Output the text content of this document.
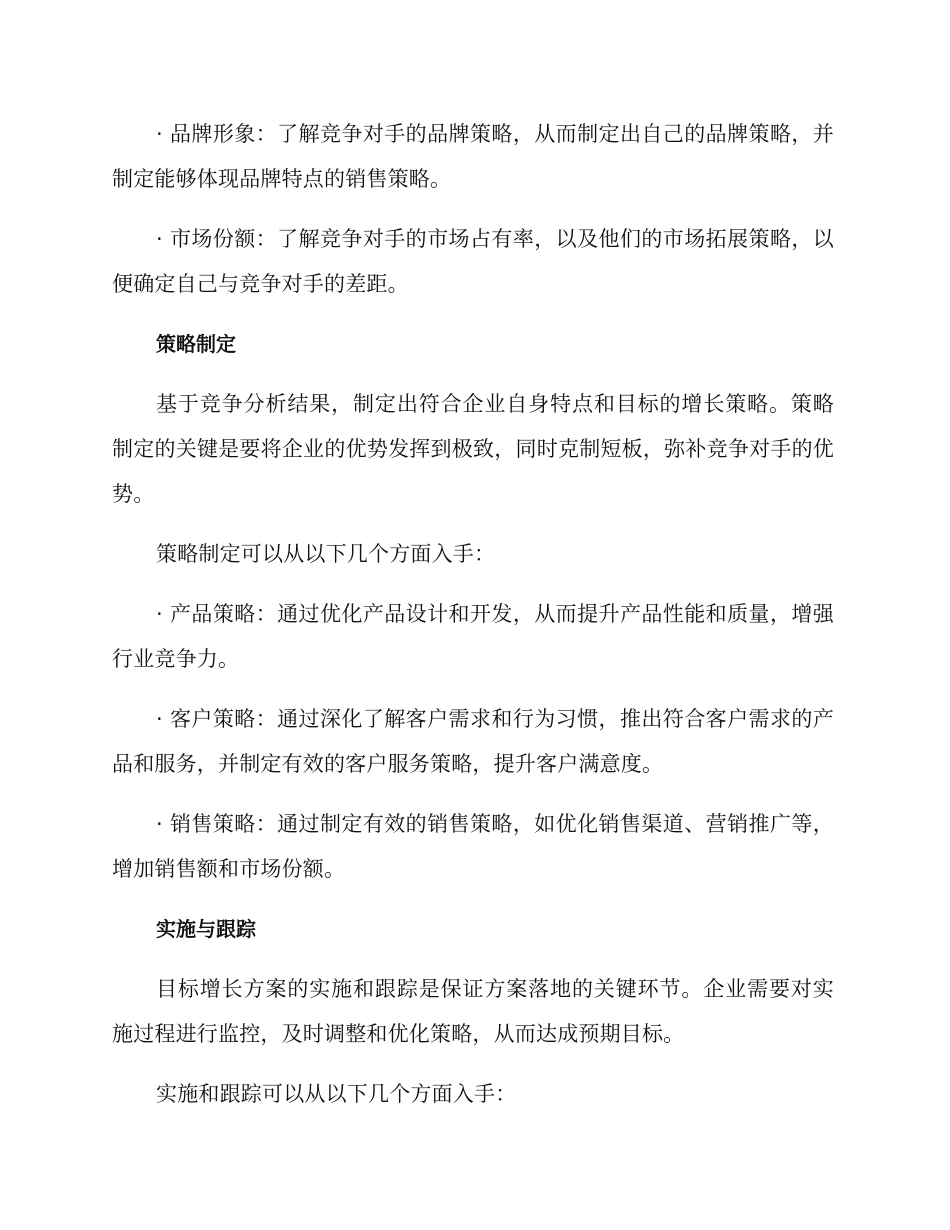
· 品牌形象：了解竞争对手的品牌策略，从而制定出自己的品牌策略，并制定能够体现品牌特点的销售策略。

· 市场份额：了解竞争对手的市场占有率，以及他们的市场拓展策略，以便确定自己与竞争对手的差距。

策略制定

基于竞争分析结果，制定出符合企业自身特点和目标的增长策略。策略制定的关键是要将企业的优势发挥到极致，同时克制短板，弥补竞争对手的优势。

策略制定可以从以下几个方面入手：

· 产品策略：通过优化产品设计和开发，从而提升产品性能和质量，增强行业竞争力。

· 客户策略：通过深化了解客户需求和行为习惯，推出符合客户需求的产品和服务，并制定有效的客户服务策略，提升客户满意度。

· 销售策略：通过制定有效的销售策略，如优化销售渠道、营销推广等，增加销售额和市场份额。

实施与跟踪

目标增长方案的实施和跟踪是保证方案落地的关键环节。企业需要对实施过程进行监控，及时调整和优化策略，从而达成预期目标。

实施和跟踪可以从以下几个方面入手：
